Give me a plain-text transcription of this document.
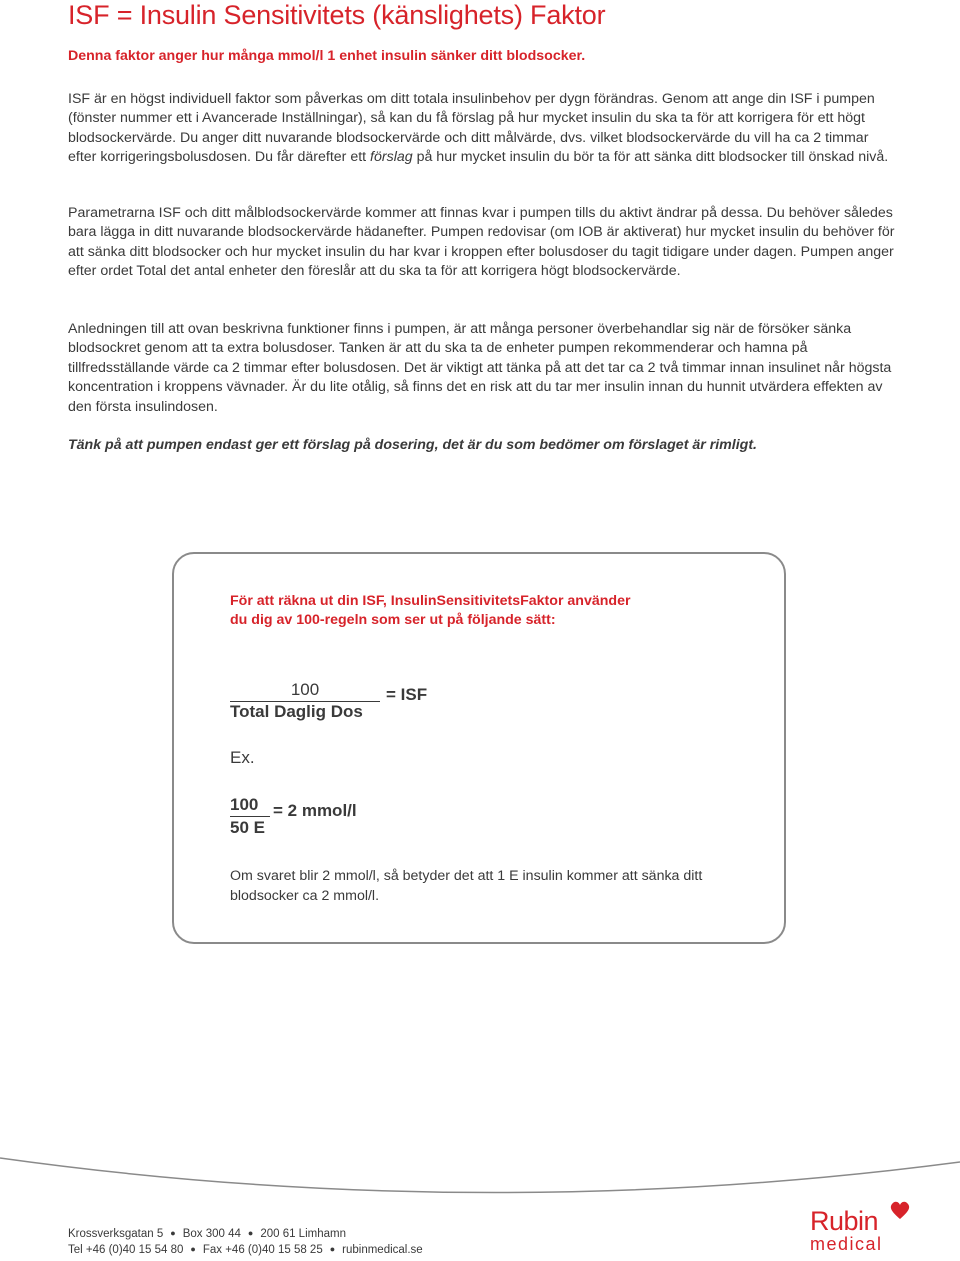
ISF = Insulin Sensitivitets (känslighets) Faktor

Denna faktor anger hur många mmol/l 1 enhet insulin sänker ditt blodsocker.

ISF är en högst individuell faktor som påverkas om ditt totala insulinbehov per dygn förändras. Genom att ange din ISF i pumpen (fönster nummer ett i Avancerade Inställningar), så kan du få förslag på hur mycket insulin du ska ta för att korrigera för ett högt blodsockervärde. Du anger ditt nuvarande blodsockervärde och ditt målvärde, dvs. vilket blodsockervärde du vill ha ca 2 timmar efter korrigeringsbolusdosen. Du får därefter ett förslag på hur mycket insulin du bör ta för att sänka ditt blodsocker till önskad nivå.

Parametrarna ISF och ditt målblodsockervärde kommer att finnas kvar i pumpen tills du aktivt ändrar på dessa. Du behöver således bara lägga in ditt nuvarande blodsockervärde hädanefter. Pumpen redovisar (om IOB är aktiverat) hur mycket insulin du behöver för att sänka ditt blodsocker och hur mycket insulin du har kvar i kroppen efter bolusdoser du tagit tidigare under dagen. Pumpen anger efter ordet Total det antal enheter den föreslår att du ska ta för att korrigera högt blodsockervärde.

Anledningen till att ovan beskrivna funktioner finns i pumpen, är att många personer överbehandlar sig när de försöker sänka blodsockret genom att ta extra bolusdoser. Tanken är att du ska ta de enheter pumpen rekommenderar och hamna på tillfredsställande värde ca 2 timmar efter bolusdosen. Det är viktigt att tänka på att det tar ca 2 två timmar innan insulinet når högsta koncentration i kroppens vävnader. Är du lite otålig, så finns det en risk att du tar mer insulin innan du hunnit utvärdera effekten av den första insulindosen.

Tänk på att pumpen endast ger ett förslag på dosering, det är du som bedömer om förslaget är rimligt.

För att räkna ut din ISF, InsulinSensitivitetsFaktor använder
du dig av 100-regeln som ser ut på följande sätt:

100
Total Daglig Dos
= ISF
Ex.
100
50 E
= 2 mmol/l

Om svaret blir 2 mmol/l, så betyder det att 1 E insulin kommer att sänka ditt blodsocker ca 2 mmol/l.

Krossverksgatan 5 ● Box 300 44 ● 200 61 Limhamn
Tel +46 (0)40 15 54 80 ● Fax +46 (0)40 15 58 25 ● rubinmedical.se
Rubin
medical
